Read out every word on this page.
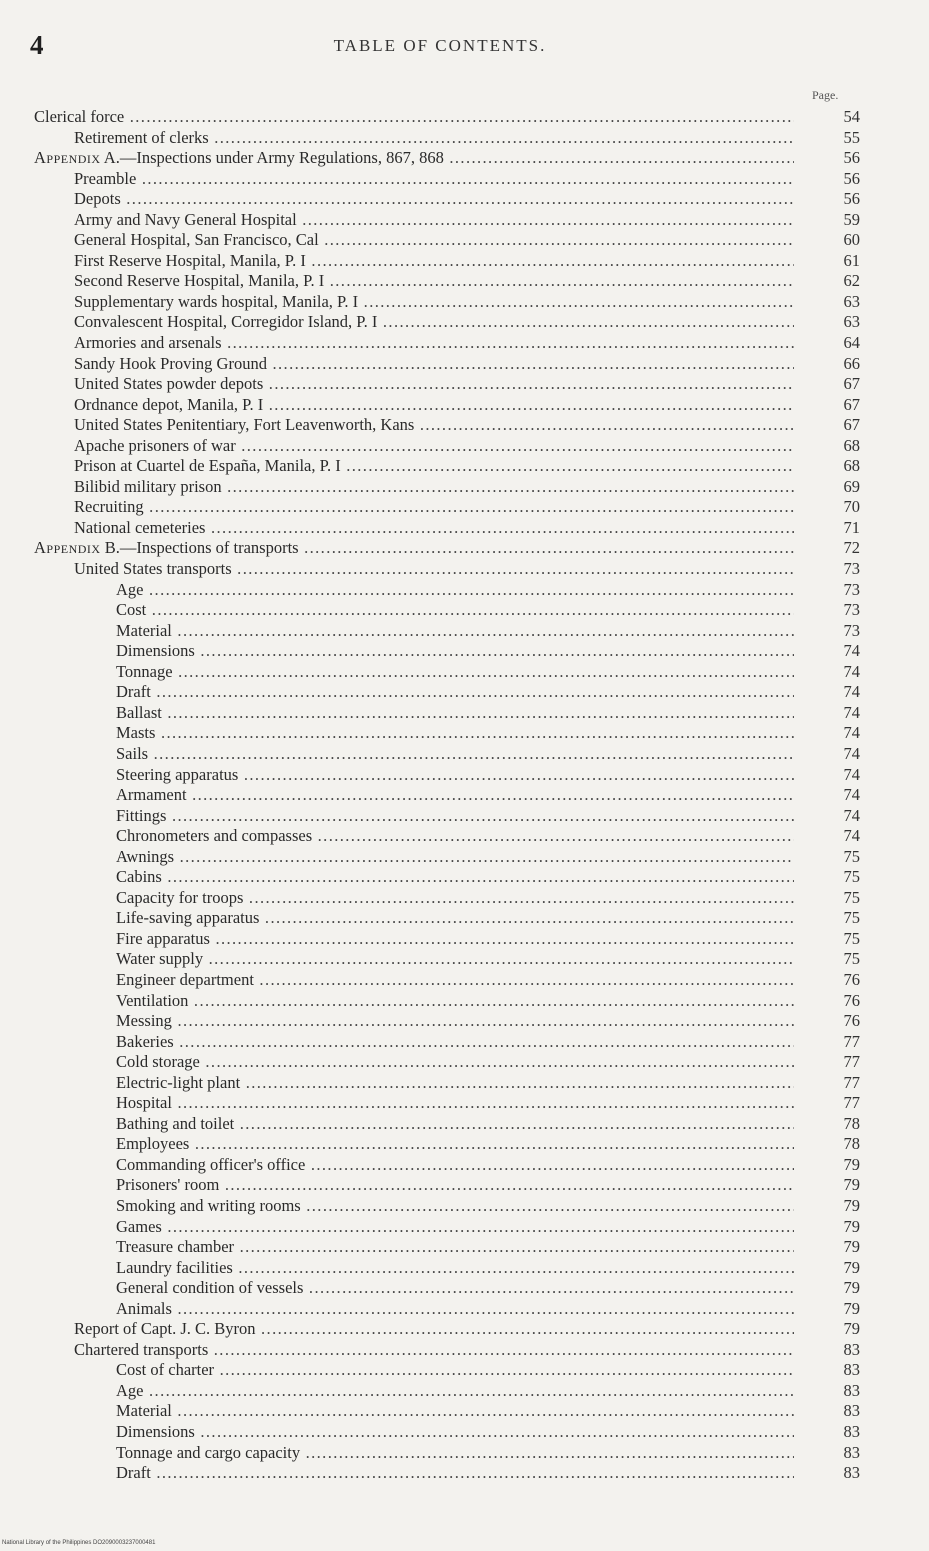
4	TABLE OF CONTENTS.
Page.
Clerical force .....	54
Retirement of clerks .....	55
Appendix A.—Inspections under Army Regulations, 867, 868 .....	56
Preamble .....	56
Depots .....	56
Army and Navy General Hospital .....	59
General Hospital, San Francisco, Cal .....	60
First Reserve Hospital, Manila, P. I .....	61
Second Reserve Hospital, Manila, P. I .....	62
Supplementary wards hospital, Manila, P. I .....	63
Convalescent Hospital, Corregidor Island, P. I .....	63
Armories and arsenals .....	64
Sandy Hook Proving Ground .....	66
United States powder depots .....	67
Ordnance depot, Manila, P. I .....	67
United States Penitentiary, Fort Leavenworth, Kans .....	67
Apache prisoners of war .....	68
Prison at Cuartel de España, Manila, P. I .....	68
Bilibid military prison .....	69
Recruiting .....	70
National cemeteries .....	71
Appendix B.—Inspections of transports .....	72
United States transports .....	73
Age .....	73
Cost .....	73
Material .....	73
Dimensions .....	74
Tonnage .....	74
Draft .....	74
Ballast .....	74
Masts .....	74
Sails .....	74
Steering apparatus .....	74
Armament .....	74
Fittings .....	74
Chronometers and compasses .....	74
Awnings .....	75
Cabins .....	75
Capacity for troops .....	75
Life-saving apparatus .....	75
Fire apparatus .....	75
Water supply .....	75
Engineer department .....	76
Ventilation .....	76
Messing .....	76
Bakeries .....	77
Cold storage .....	77
Electric-light plant .....	77
Hospital .....	77
Bathing and toilet .....	78
Employees .....	78
Commanding officer's office .....	79
Prisoners' room .....	79
Smoking and writing rooms .....	79
Games .....	79
Treasure chamber .....	79
Laundry facilities .....	79
General condition of vessels .....	79
Animals .....	79
Report of Capt. J. C. Byron .....	79
Chartered transports .....	83
Cost of charter .....	83
Age .....	83
Material .....	83
Dimensions .....	83
Tonnage and cargo capacity .....	83
Draft .....	83
National Library of the Philippines DO2090003237000481
